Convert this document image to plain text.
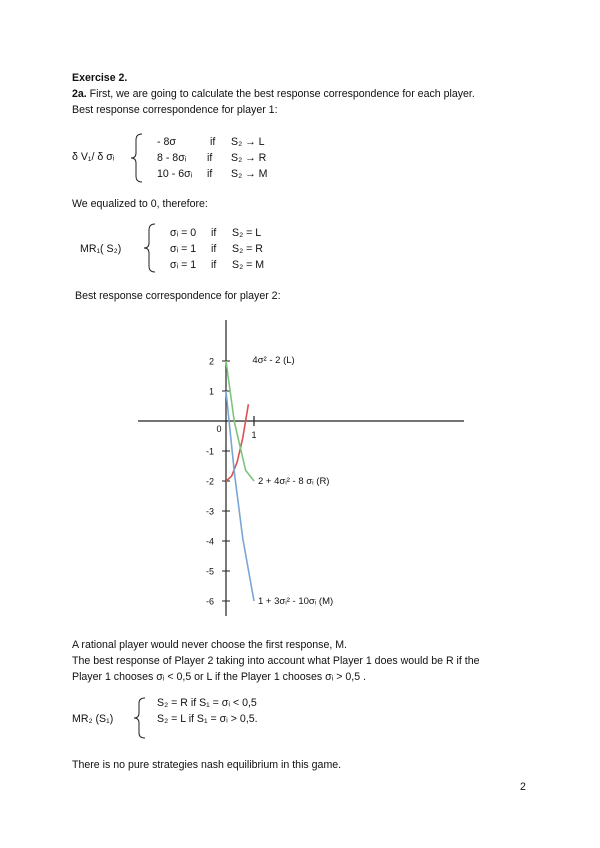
Exercise 2.
2a. First, we are going to calculate the best response correspondence for each player.
Best response correspondence for player 1:
δ V₁/ δ σᵢ
- 8σ	if S₂ → L
8 - 8σᵢ if S₂ → R
10 - 6σᵢ if S₂ → M
We equalized to 0, therefore:
MR₁( S₂)
σᵢ = 0 if S₂ = L
σᵢ = 1 if S₂ = R
σᵢ = 1 if S₂ = M
Best response correspondence for player 2:
2
1
-1
-2
-3
-4
-5
-6
1
0
4σ² - 2 (L)
2 + 4σᵢ² - 8 σᵢ (R)
1 + 3σᵢ² - 10σᵢ (M)
A rational player would never choose the first response, M.
The best response of Player 2 taking into account what Player 1 does would be R if the
Player 1 chooses σᵢ < 0,5 or L if the Player 1 chooses σᵢ > 0,5 .
MR₂ (S₁)
S₂ = R if S₁ = σᵢ < 0,5
S₂ = L if S₁ = σᵢ > 0,5.
There is no pure strategies nash equilibrium in this game.
2
